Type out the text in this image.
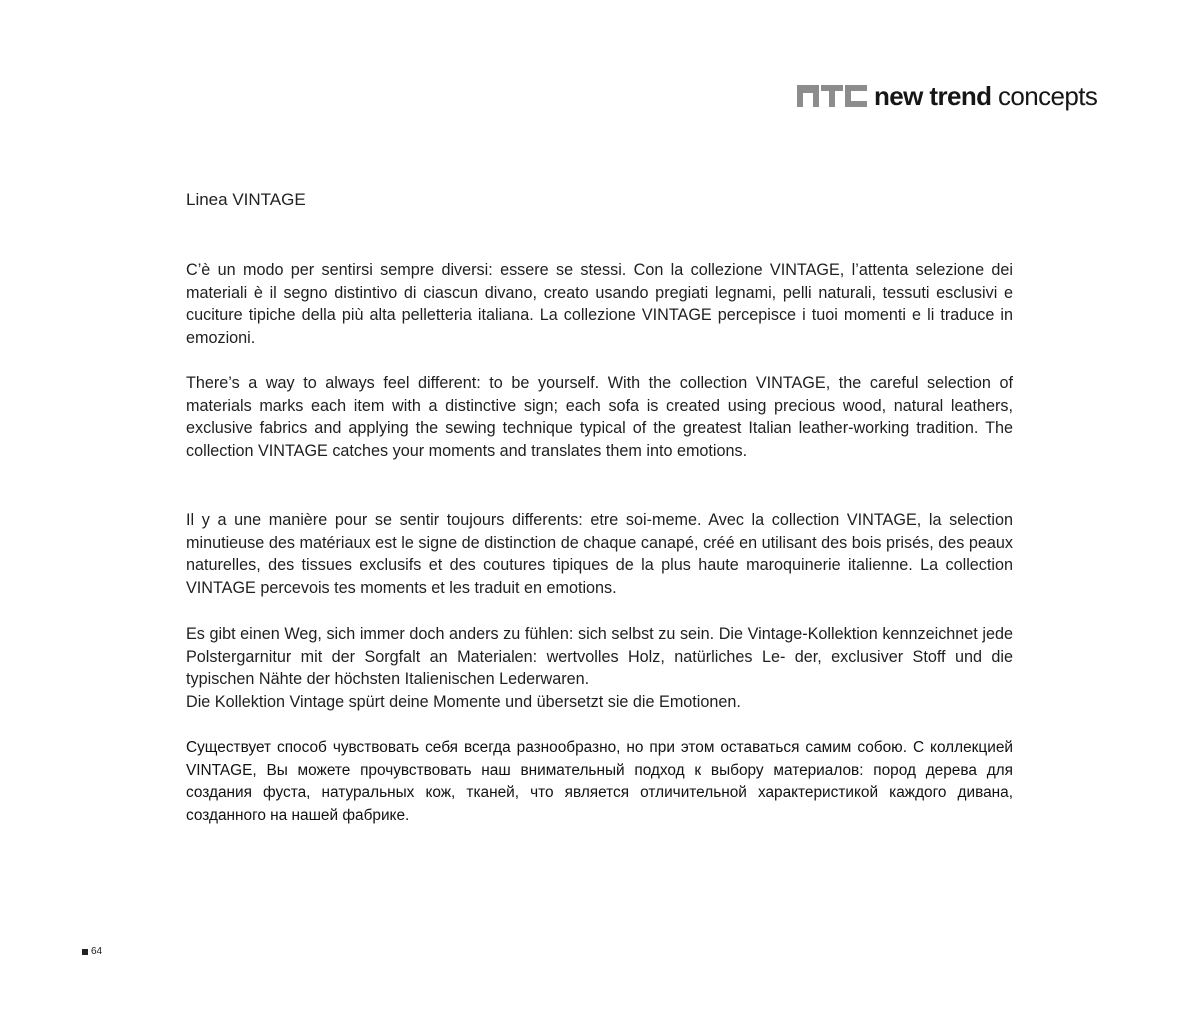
new trend concepts
Linea VINTAGE

C’è un modo per sentirsi sempre diversi: essere se stessi. Con la collezione VINTAGE, l’attenta selezione dei materiali è il segno distintivo di ciascun divano, creato usando pregiati legnami, pelli naturali, tessuti esclusivi e cuciture tipiche della più alta pelletteria italiana. La collezione VINTAGE percepisce i tuoi momenti e li traduce in emozioni.

There’s a way to always feel different: to be yourself. With the collection VINTAGE, the careful selection of materials marks each item with a distinctive sign; each sofa is created using precious wood, natural leathers, exclusive fabrics and applying the sewing technique typical of the greatest Italian leather-working tradition. The collection VINTAGE catches your moments and translates them into emotions.

Il y a une manière pour se sentir toujours differents: etre soi-meme. Avec la collection VINTAGE, la selection minutieuse des matériaux est le signe de distinction de chaque canapé, créé en utilisant des bois prisés, des peaux naturelles, des tissues exclusifs et des coutures tipiques de la plus haute maroquinerie italienne. La collection VINTAGE percevois tes moments et les traduit en emotions.

Es gibt einen Weg, sich immer doch anders zu fühlen: sich selbst zu sein. Die Vintage-Kollektion kennzeichnet jede Polstergarnitur mit der Sorgfalt an Materialen: wertvolles Holz, natürliches Le- der, exclusiver Stoff und die typischen Nähte der höchsten Italienischen Lederwaren.
Die Kollektion Vintage spürt deine Momente und übersetzt sie die Emotionen.

Существует способ чувствовать себя всегда разнообразно, но при этом оставаться самим собою. С коллекцией VINTAGE, Вы можете прочувствовать наш внимательный подход к выбору материалов: пород дерева для создания фуста, натуральных кож, тканей, что является отличительной характеристикой каждого дивана, созданного на нашей фабрике.

64
